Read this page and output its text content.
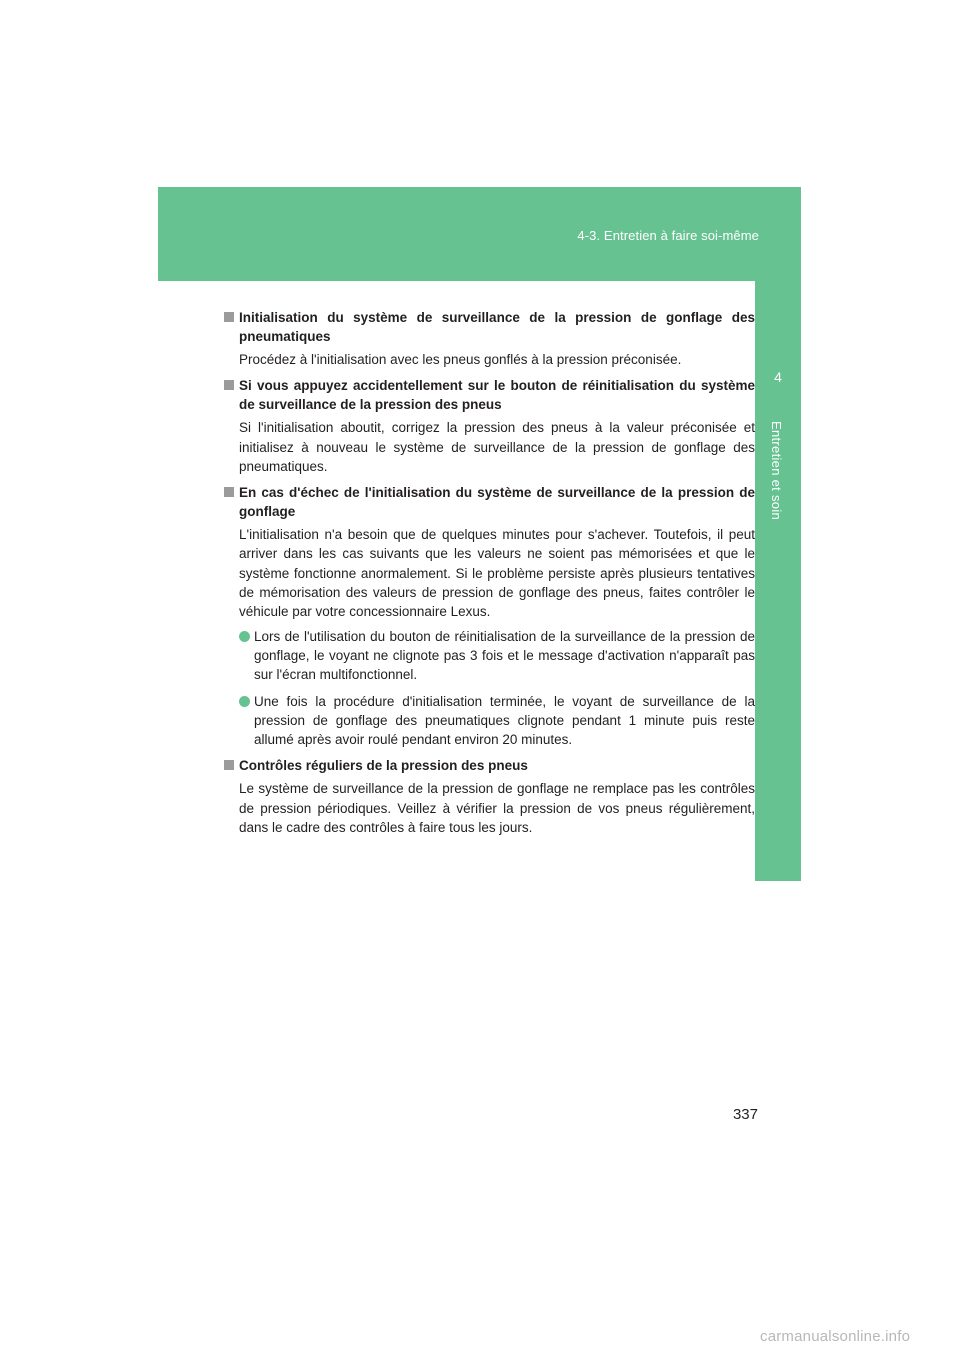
4-3. Entretien à faire soi-même
4
Entretien et soin
Initialisation du système de surveillance de la pression de gonflage des pneumatiques

Procédez à l'initialisation avec les pneus gonflés à la pression préconisée.

Si vous appuyez accidentellement sur le bouton de réinitialisation du système de surveillance de la pression des pneus

Si l'initialisation aboutit, corrigez la pression des pneus à la valeur préconisée et initialisez à nouveau le système de surveillance de la pression de gonflage des pneumatiques.

En cas d'échec de l'initialisation du système de surveillance de la pression de gonflage

L'initialisation n'a besoin que de quelques minutes pour s'achever. Toutefois, il peut arriver dans les cas suivants que les valeurs ne soient pas mémorisées et que le système fonctionne anormalement. Si le problème persiste après plusieurs tentatives de mémorisation des valeurs de pression de gonflage des pneus, faites contrôler le véhicule par votre concessionnaire Lexus.

Lors de l'utilisation du bouton de réinitialisation de la surveillance de la pression de gonflage, le voyant ne clignote pas 3 fois et le message d'activation n'apparaît pas sur l'écran multifonctionnel.
Une fois la procédure d'initialisation terminée, le voyant de surveillance de la pression de gonflage des pneumatiques clignote pendant 1 minute puis reste allumé après avoir roulé pendant environ 20 minutes.
Contrôles réguliers de la pression des pneus

Le système de surveillance de la pression de gonflage ne remplace pas les contrôles de pression périodiques. Veillez à vérifier la pression de vos pneus régulièrement, dans le cadre des contrôles à faire tous les jours.

337
carmanualsonline.info
